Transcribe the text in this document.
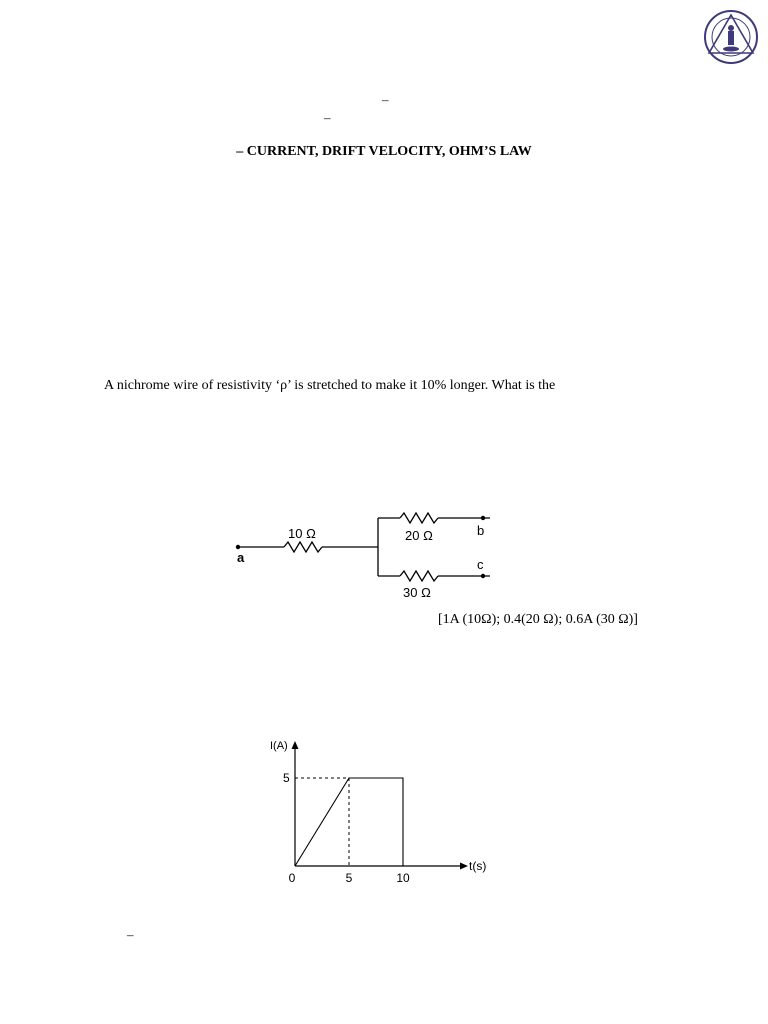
–
–
– CURRENT, DRIFT VELOCITY, OHM’S LAW
A nichrome wire of resistivity ‘ρ’ is stretched to make it 10% longer. What is the
10 Ω	20 Ω
30 Ω
a
b
c
[1A (10Ω); 0.4(20 Ω); 0.6A (30 Ω)]
I(A)
t(s)
5
0	5	10
–
